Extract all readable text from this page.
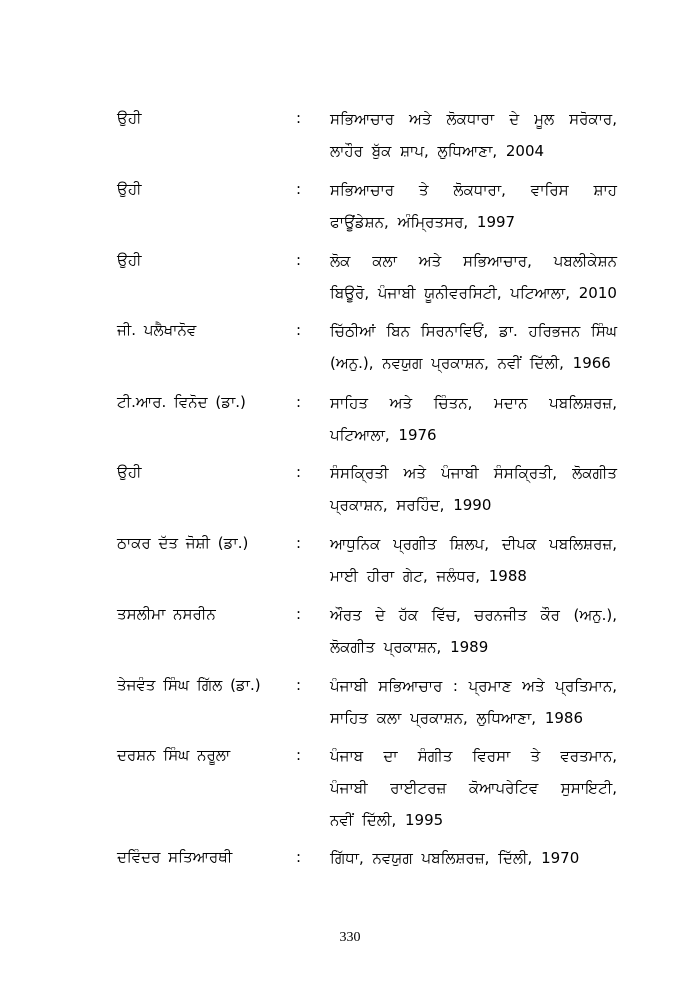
ਉਹੀ	: ਸਭਿਆਚਾਰ ਅਤੇ ਲੋਕਧਾਰਾ ਦੇ ਮੂਲ ਸਰੋਕਾਰ,
ਲਾਹੌਰ ਬੁੱਕ ਸ਼ਾਪ, ਲੁਧਿਆਣਾ, 2004
ਉਹੀ	: ਸਭਿਆਚਾਰ ਤੇ ਲੋਕਧਾਰਾ, ਵਾਰਿਸ ਸ਼ਾਹ
ਫਾਊਂਡੇਸ਼ਨ, ਅੰਮ੍ਰਿਤਸਰ, 1997
ਉਹੀ	: ਲੋਕ ਕਲਾ ਅਤੇ ਸਭਿਆਚਾਰ, ਪਬਲੀਕੇਸ਼ਨ
ਬਿਊਰੋ, ਪੰਜਾਬੀ ਯੂਨੀਵਰਸਿਟੀ, ਪਟਿਆਲਾ, 2010
ਜੀ. ਪਲੈਖਾਨੋਵ	: ਚਿੱਠੀਆਂ ਬਿਨ ਸਿਰਨਾਵਿਓਂ, ਡਾ. ਹਰਿਭਜਨ ਸਿੰਘ
(ਅਨੁ.), ਨਵਯੁਗ ਪ੍ਰਕਾਸ਼ਨ, ਨਵੀਂ ਦਿੱਲੀ, 1966
ਟੀ.ਆਰ. ਵਿਨੋਦ (ਡਾ.)	: ਸਾਹਿਤ ਅਤੇ ਚਿੰਤਨ, ਮਦਾਨ ਪਬਲਿਸ਼ਰਜ਼,
ਪਟਿਆਲਾ, 1976
ਉਹੀ	: ਸੰਸਕ੍ਰਿਤੀ ਅਤੇ ਪੰਜਾਬੀ ਸੰਸਕ੍ਰਿਤੀ, ਲੋਕਗੀਤ
ਪ੍ਰਕਾਸ਼ਨ, ਸਰਹਿੰਦ, 1990
ਠਾਕਰ ਦੱਤ ਜੋਸ਼ੀ (ਡਾ.)	: ਆਧੁਨਿਕ ਪ੍ਰਗੀਤ ਸ਼ਿਲਪ, ਦੀਪਕ ਪਬਲਿਸ਼ਰਜ਼,
ਮਾਈ ਹੀਰਾ ਗੇਟ, ਜਲੰਧਰ, 1988
ਤਸਲੀਮਾ ਨਸਰੀਨ	: ਔਰਤ ਦੇ ਹੱਕ ਵਿੱਚ, ਚਰਨਜੀਤ ਕੌਰ (ਅਨੁ.),
ਲੋਕਗੀਤ ਪ੍ਰਕਾਸ਼ਨ, 1989
ਤੇਜਵੰਤ ਸਿੰਘ ਗਿੱਲ (ਡਾ.) : ਪੰਜਾਬੀ ਸਭਿਆਚਾਰ : ਪ੍ਰਮਾਣ ਅਤੇ ਪ੍ਰਤਿਮਾਨ,
ਸਾਹਿਤ ਕਲਾ ਪ੍ਰਕਾਸ਼ਨ, ਲੁਧਿਆਣਾ, 1986
ਦਰਸ਼ਨ ਸਿੰਘ ਨਰੂਲਾ	: ਪੰਜਾਬ ਦਾ ਸੰਗੀਤ ਵਿਰਸਾ ਤੇ ਵਰਤਮਾਨ,
ਪੰਜਾਬੀ ਰਾਈਟਰਜ਼ ਕੋਆਪਰੇਟਿਵ ਸੁਸਾਇਟੀ,
ਨਵੀਂ ਦਿੱਲੀ, 1995
ਦਵਿੰਦਰ ਸਤਿਆਰਥੀ	: ਗਿੱਧਾ, ਨਵਯੁਗ ਪਬਲਿਸ਼ਰਜ਼, ਦਿੱਲੀ, 1970
330
